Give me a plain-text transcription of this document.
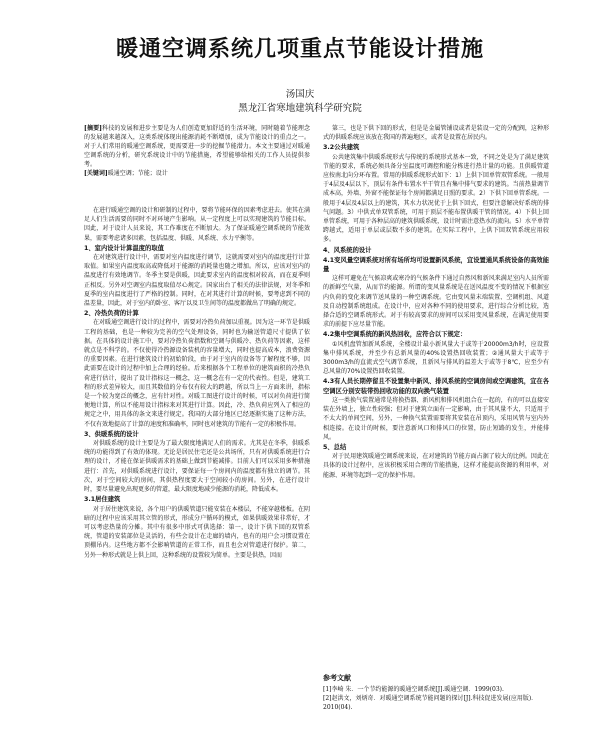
暖通空调系统几项重点节能设计措施
汤国庆
黑龙江省寒地建筑科学研究院
[摘要]科技的发展和进步主要是为人们创造更加舒适的生活环境，同时随着节能理念的发展越来越深入，这类系统体现出能源消耗不断增加，成为节能设计的重点之一。对于人们常用的暖通空调系统，更需要进一步的挖掘节能潜力。本文主要通过对暖通空调系统的分析，研究系统设计中的节能措施，希望能够给相关的工作人员提供参考。
[关键词]暖通空调；节能；设计

在进行暖通空调的设计和研制的过程中，要将节能环保的因素考虑进去。使其在满足人们生活需要的同时不对环境产生影响。从一定程度上可以实现建筑的节能目标。因此，对于设计人员来说，其工作难度在不断加大。为了保证暖通空调系统的节能效果，需要考虑诸多因素，包括温度、供暖、风系统、水力平衡等。

1、室内设计计算温度的取值

在对建筑进行设计中，需要对室内温度进行调节，这就需要对室内的温度进行计算取值。如果室内温度取高或降低对于能源的消耗量也随之增加。所以，应该对室内的温度进行有效地调节。冬季主要是供暖，因此要求室内的温度相对较高，而在夏季则正相反。另外对空调室内温度取值尽心规定。国家出台了相关的法律法规，对冬季和夏季的室内温度进行了严格的控制。同时，在对其进行计算的时候，要考虑到不同的温差量，因此，对于室内的卧室、客厅以及卫生间等的温度都做出了明确的规定。

2、冷热负荷的计算

在对暖通空调进行设计的过程中，需要对冷热负荷加以重视。因为这一环节是供暖工程的基础，也是一种较为完善的空气处理设备，同时也为输送管道尺寸提供了依据。在具体的设计施工中，要对冷热负荷指数和空调与供暖冷、热负荷等因素，这样就点是不科学的。不仅使得冷热源设备装机的容量增大，同时也提高成本，浪费资源的重要因素。在进行建筑设计的初始阶段，由于对于室内的设备等了解程度不够，因此需要在设计的过程中加上合理的经验。后来根据各个工程单位的建筑面积的冷热负荷进行估计，提出了设计指标这一概念，这一概念在有一定的代表性。但是，建筑工程的形式差异较大，而且其数值的分布仅有较大的跨越，所以当上一方面来讲，指标是一个较为宽泛的概念，应有针对性。对暖工图进行设计的时候，可以对负荷进行简便地计算，所以不能用设计指标来对其进行计算。因此，冷、热负荷应列入了相应的规定之中，用具体的条文来进行规定。我国的大部分地区已经逐渐实施了这种方法，不仅有效地提高了计算的速度和准确率，同时也对建筑的节能有一定的积极作用。

3、供暖系统的设计

对供暖系统的设计主要是为了最大限度地满足人们的需求。尤其是在冬季，供暖系统的功能得到了有效的体现。无论是居民住宅还是公共场所，只有对供暖系统进行合理的设计，才能在保证供暖需求的基础上做到节能减排。目前人们可以采用多种措施进行：首先，对供暖系统进行设计，要保证每一个房间内的温度都有独立的调节。其次，对于空间较大的房间，其供热程度要大于空间较小的房间。另外，在进行设计时，要尽量避免出现更多的管道，最大限度地减少能源的消耗，降低成本。

3.1居住建筑

对于居住建筑来说，各个用户的供暖管道只能安装在本楼层，不能穿越楼板。在阴暗的过程中应该采用其立管的形式，形成分户循环的模式，如果供暖效果非常好，才可以考虑热量的分摊。其中有很多中形式可供选择：第一，设计下供下回的双管系统，管道的安装部位是灵活的，有些会设计在走廊的墙内，也有的用户会习惯设置在顶棚吊内。这些地方都不会影响管道的正常工作，而且也会对管道进行保护。第二，另外一种形式就是上供上回，这种系统的设置较为简单。主要是供热，因而

第三，也是下供下回的形式，但是是金属管铺设或者是装设一定的分配阀，这种形式的供暖系统应该放在我国的普遍地区，或者是设置在居民内。

3.2公共建筑

公共建筑集中供暖系统形式与传统的系统形式基本一致，不同之处是为了满足建筑节能的要求，系统必须具备分室温度可调控和能分栋进行热计量的功能。且供暖管道应按南北向分环布置。常用的供暖系统形式如下：1）上供下回单管双管系统。一般用于4层及4层以下，顶层有条件布置水平干管且有集中排气要求的建筑。当前热量调节成本高，外墙、外窗不能保证每个房间都满足日照的要求。2）下供下回单管系统。一般用于4层及4层以上的建筑，其水力状况优于上供下回式，但要注意解决好系统的排气问题。3）中供式单双管系统，可用于顶层不能布置供暖干管的情况。4）下供上回单管系统，可用于各种层高的建筑供暖系统，设计时需注意热水的流向。5）水平单管跨越式，适用于单层或层数不多的建筑。在实际工程中，上供下回双管系统应用较多。

4、风系统的设计

4.1变风量空调系统对所有场所均可设置新风系统，宜设置通风系统设备的高效能量

这样可避免在气候凉爽或寒冷的气候条件下通过自然风和新风来满足室内人员所需的新鲜空气量，从而节约能源。所谓的变风量系统是在送风温度不变的情况下根据室内负荷的变化来调节送风量的一种空调系统。它由变风量末端装置、空调机组、风道及自动控制系统组成。在设计中，应对各种不同的使用要求，进行综合分析比较，选择合适的空调系统形式。对于有较高要求的房间可以采用变风量系统，在满足使用要求的前提下应尽量节能。

4.2集中空调系统的新风热回收，应符合以下规定：

①风机盘管加新风系统，全楼设计最小新风量大于或等于20000m3/h时，应设置集中排风系统，并至少有总新风量的40%设置热回收装置；②通风量大于或等于3000m3/h的直流式空气调节系统，且新风与排风的温差大于或等于8℃，应至少有总风量的70%设置热回收装置。

4.3有人员长期停留且不设置集中新风、排风系统的空调房间或空调建筑，宜在各空调区分别安装带热回收功能的双向换气装置

这一类换气装置通常是将换热器、新风机和排风机组合在一起的，有的可以直接安装在外墙上，独立性较强；但对于建筑立面有一定影响，由于其风量不大，只适用于不太大的单间空间，另外，一种换气装置需要将其安装在吊顶内，采用风管与室内外相连接。在设计的时候，要注意新风口和排风口的位置，防止短路的发生，并能排风。

5、总结

对于民用建筑暖通空调系统来说，在对建筑的节能方面占据了较大的比例。因此在具体的设计过程中，应该积极采用合理的节能措施，这样才能提高资源的利用率，对能源、环境等起到一定的保护作用。

参考文献
[1]李崎 朱．一个节约能源的暖通空调系统[J].暖通空调．1999(03).
[2]赵洪文，刘炳奇．对暖通空调系统节能问题的探讨[J].科技促进发展(应用版)．2010(04).
